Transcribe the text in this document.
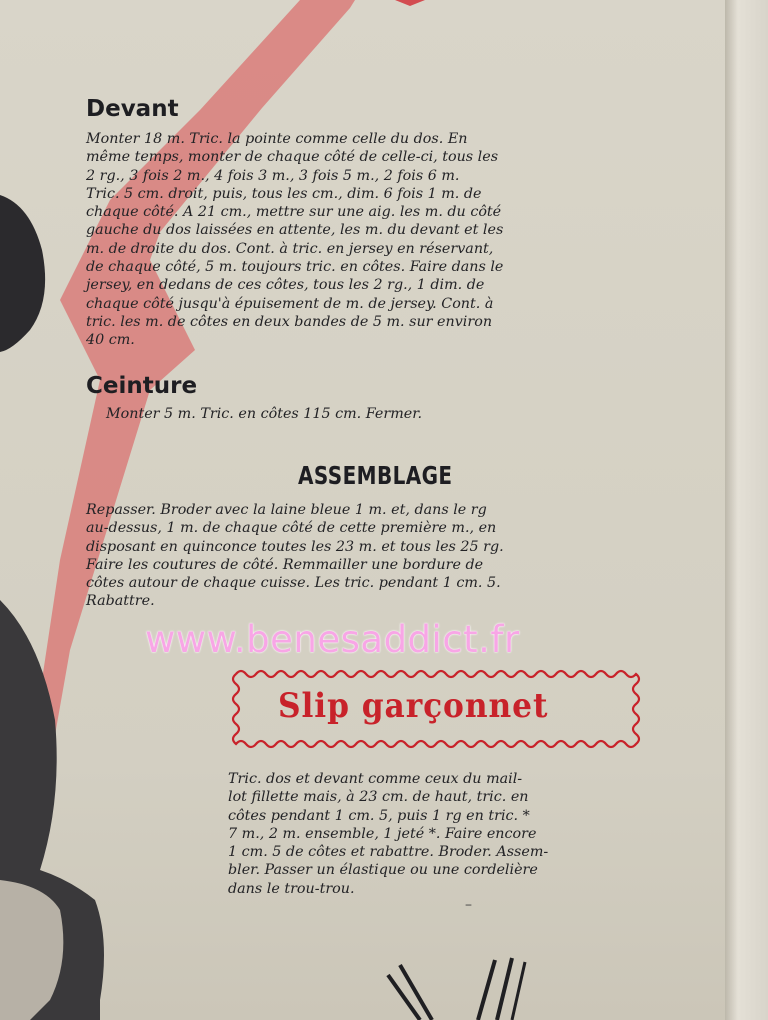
Devant
Monter 18 m. Tric. la pointe comme celle du dos. En
même temps, monter de chaque côté de celle-ci, tous les
2 rg., 3 fois 2 m., 4 fois 3 m., 3 fois 5 m., 2 fois 6 m.
Tric. 5 cm. droit, puis, tous les cm., dim. 6 fois 1 m. de
chaque côté. A 21 cm., mettre sur une aig. les m. du côté
gauche du dos laissées en attente, les m. du devant et les
m. de droite du dos. Cont. à tric. en jersey en réservant,
de chaque côté, 5 m. toujours tric. en côtes. Faire dans le
jersey, en dedans de ces côtes, tous les 2 rg., 1 dim. de
chaque côté jusqu'à épuisement de m. de jersey. Cont. à
tric. les m. de côtes en deux bandes de 5 m. sur environ
40 cm.
Ceinture
Monter 5 m. Tric. en côtes 115 cm. Fermer.
ASSEMBLAGE
Repasser. Broder avec la laine bleue 1 m. et, dans le rg
au-dessus, 1 m. de chaque côté de cette première m., en
disposant en quinconce toutes les 23 m. et tous les 25 rg.
Faire les coutures de côté. Remmailler une bordure de
côtes autour de chaque cuisse. Les tric. pendant 1 cm. 5.
Rabattre.

www.benesaddict.fr

Slip garçonnet

Tric. dos et devant comme ceux du mail-
lot fillette mais, à 23 cm. de haut, tric. en
côtes pendant 1 cm. 5, puis 1 rg en tric. *
7 m., 2 m. ensemble, 1 jeté *. Faire encore
1 cm. 5 de côtes et rabattre. Broder. Assem-
bler. Passer un élastique ou une cordelière
dans le trou-trou.
–
